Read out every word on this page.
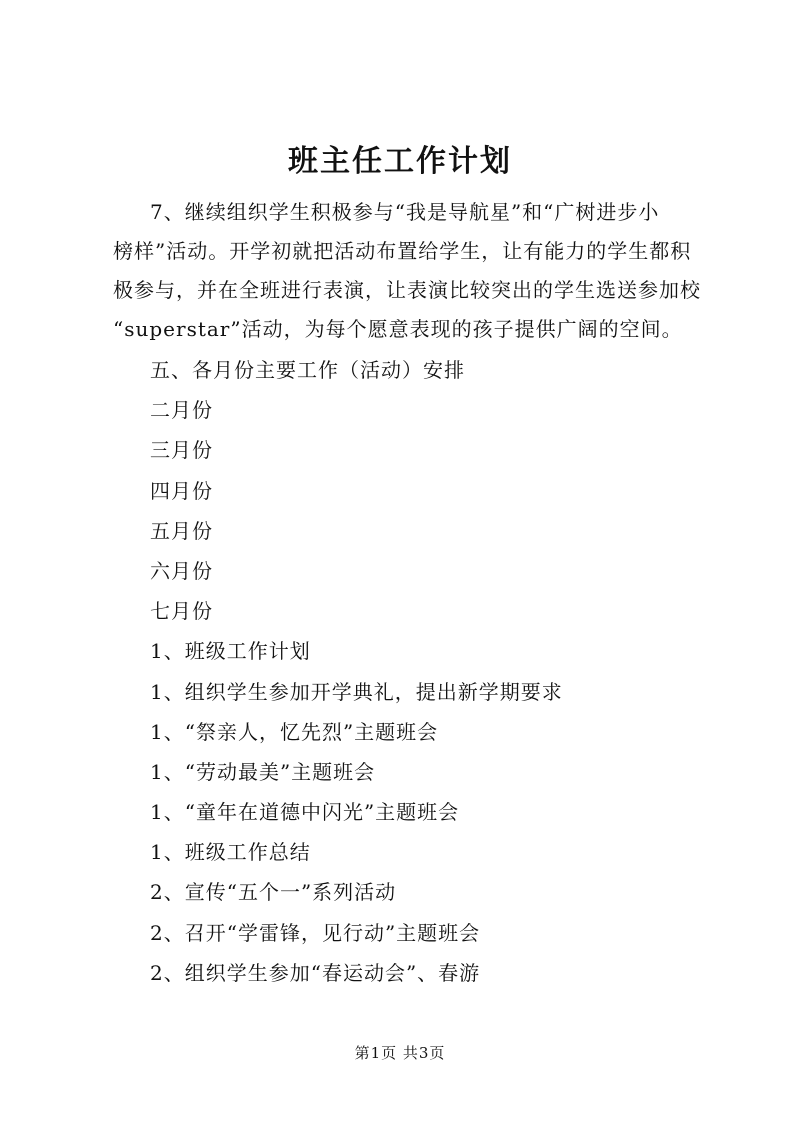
班主任工作计划
7、继续组织学生积极参与“我是导航星”和“广树进步小
榜样”活动。开学初就把活动布置给学生，让有能力的学生都积
极参与，并在全班进行表演，让表演比较突出的学生选送参加校
“superstar”活动，为每个愿意表现的孩子提供广阔的空间。
五、各月份主要工作（活动）安排
二月份
三月份
四月份
五月份
六月份
七月份
1、班级工作计划
1、组织学生参加开学典礼，提出新学期要求
1、“祭亲人，忆先烈”主题班会
1、“劳动最美”主题班会
1、“童年在道德中闪光”主题班会
1、班级工作总结
2、宣传“五个一”系列活动
2、召开“学雷锋，见行动”主题班会
2、组织学生参加“春运动会”、春游
第1页 共3页
